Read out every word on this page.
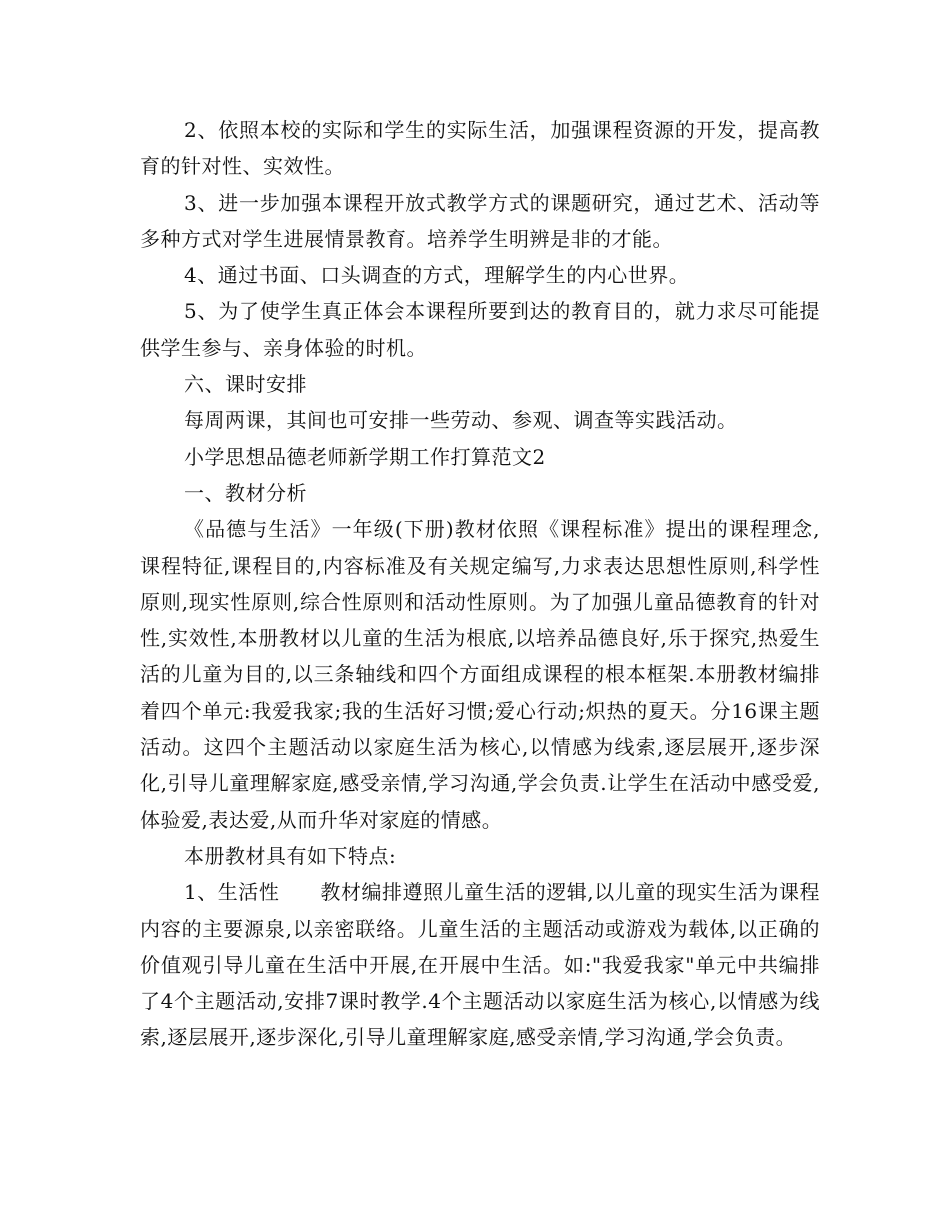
2、依照本校的实际和学生的实际生活，加强课程资源的开发，提高教育的针对性、实效性。

3、进一步加强本课程开放式教学方式的课题研究，通过艺术、活动等多种方式对学生进展情景教育。培养学生明辨是非的才能。

4、通过书面、口头调查的方式，理解学生的内心世界。

5、为了使学生真正体会本课程所要到达的教育目的，就力求尽可能提供学生参与、亲身体验的时机。

六、课时安排

每周两课，其间也可安排一些劳动、参观、调查等实践活动。

小学思想品德老师新学期工作打算范文2

一、教材分析

《品德与生活》一年级(下册)教材依照《课程标准》提出的课程理念,课程特征,课程目的,内容标准及有关规定编写,力求表达思想性原则,科学性原则,现实性原则,综合性原则和活动性原则。为了加强儿童品德教育的针对性,实效性,本册教材以儿童的生活为根底,以培养品德良好,乐于探究,热爱生活的儿童为目的,以三条轴线和四个方面组成课程的根本框架.本册教材编排着四个单元:我爱我家;我的生活好习惯;爱心行动;炽热的夏天。分16课主题活动。这四个主题活动以家庭生活为核心,以情感为线索,逐层展开,逐步深化,引导儿童理解家庭,感受亲情,学习沟通,学会负责.让学生在活动中感受爱,体验爱,表达爱,从而升华对家庭的情感。

本册教材具有如下特点:

1、生活性　　教材编排遵照儿童生活的逻辑,以儿童的现实生活为课程内容的主要源泉,以亲密联络。儿童生活的主题活动或游戏为载体,以正确的价值观引导儿童在生活中开展,在开展中生活。如:"我爱我家"单元中共编排了4个主题活动,安排7课时教学.4个主题活动以家庭生活为核心,以情感为线索,逐层展开,逐步深化,引导儿童理解家庭,感受亲情,学习沟通,学会负责。
